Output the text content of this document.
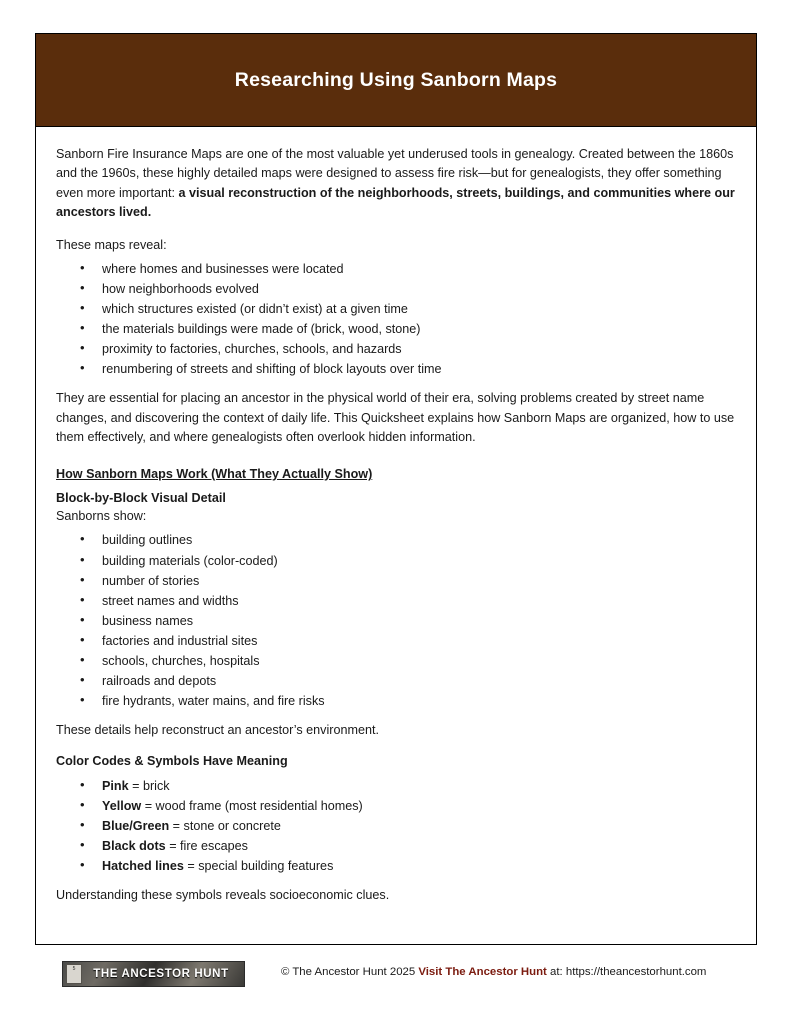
Researching Using Sanborn Maps

Sanborn Fire Insurance Maps are one of the most valuable yet underused tools in genealogy. Created between the 1860s and the 1960s, these highly detailed maps were designed to assess fire risk—but for genealogists, they offer something even more important: a visual reconstruction of the neighborhoods, streets, buildings, and communities where our ancestors lived.

These maps reveal:

• where homes and businesses were located
• how neighborhoods evolved
• which structures existed (or didn’t exist) at a given time
• the materials buildings were made of (brick, wood, stone)
• proximity to factories, churches, schools, and hazards
• renumbering of streets and shifting of block layouts over time

They are essential for placing an ancestor in the physical world of their era, solving problems created by street name changes, and discovering the context of daily life. This Quicksheet explains how Sanborn Maps are organized, how to use them effectively, and where genealogists often overlook hidden information.

How Sanborn Maps Work (What They Actually Show)
Block-by-Block Visual Detail

Sanborns show:

• building outlines
• building materials (color-coded)
• number of stories
• street names and widths
• business names
• factories and industrial sites
• schools, churches, hospitals
• railroads and depots
• fire hydrants, water mains, and fire risks

These details help reconstruct an ancestor’s environment.

Color Codes & Symbols Have Meaning
• Pink = brick
• Yellow = wood frame (most residential homes)
• Blue/Green = stone or concrete
• Black dots = fire escapes
• Hatched lines = special building features

Understanding these symbols reveals socioeconomic clues.

5	THE ANCESTOR HUNT	© The Ancestor Hunt 2025 Visit The Ancestor Hunt at: https://theancestorhunt.com
